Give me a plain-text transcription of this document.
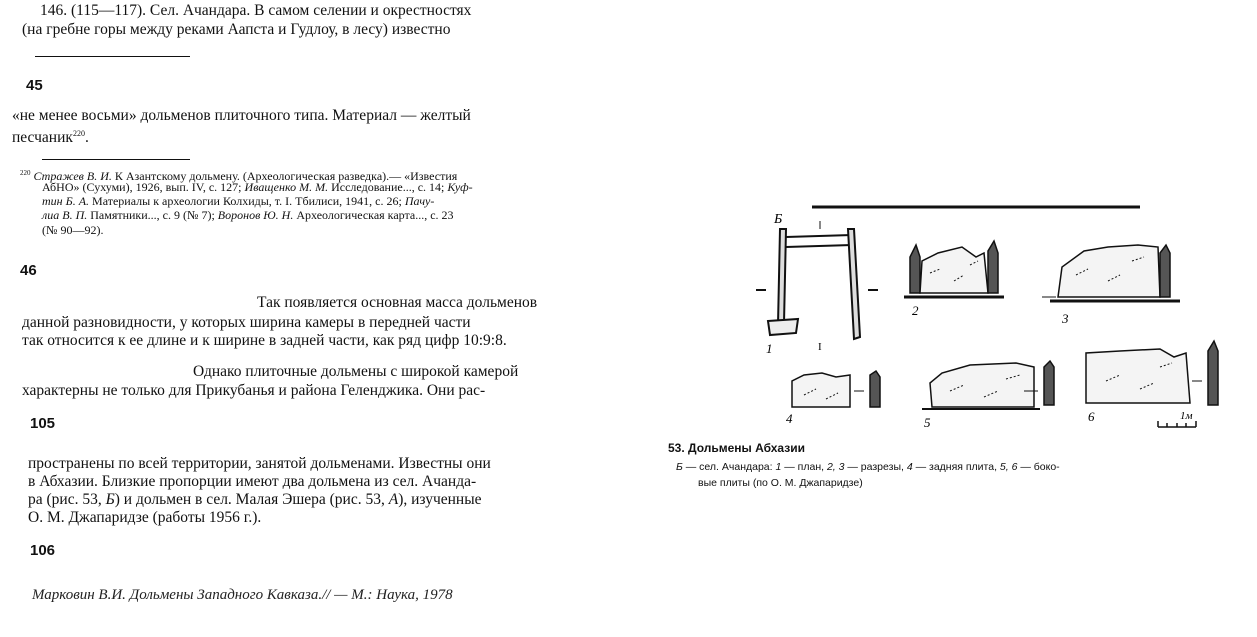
146. (115—117). Сел. Ачандара. В самом селении и окрестностях
(на гребне горы между реками Аапста и Гудлоу, в лесу) известно
45
«не менее восьми» дольменов плиточного типа. Материал — желтый
песчаник$^{220}$.
$^{220}$ Стражев В. И. К Азантскому дольмену. (Археологическая разведка).— «Известия
АбНО» (Сухуми), 1926, вып. IV, с. 127; Иващенко М. М. Исследование..., с. 14; Куф-
тин Б. А. Материалы к археологии Колхиды, т. I. Тбилиси, 1941, с. 26; Пачу-
лиа В. П. Памятники..., с. 9 (№ 7); Воронов Ю. Н. Археологическая карта..., с. 23
(№ 90—92).
46
Так появляется основная масса дольменов
данной разновидности, у которых ширина камеры в передней части
так относится к ее длине и к ширине в задней части, как ряд цифр 10:9:8.
Однако плиточные дольмены с широкой камерой
характерны не только для Прикубанья и района Геленджика. Они рас-
105
пространены по всей территории, занятой дольменами. Известны они
в Абхазии. Близкие пропорции имеют два дольмена из сел. Ачанда-
ра (рис. 53, Б) и дольмен в сел. Малая Эшера (рис. 53, А), изученные
О. М. Джапаридзе (работы 1956 г.).
106
Марковин В.И. Дольмены Западного Кавказа.// — М.: Наука, 1978
Б
I
1
2
3
4	5	6	1м
53. Дольмены Абхазии
Б — сел. Ачандара: 1 — план, 2, 3 — разрезы, 4 — задняя плита, 5, 6 — боко-
вые плиты (по О. М. Джапаридзе)
